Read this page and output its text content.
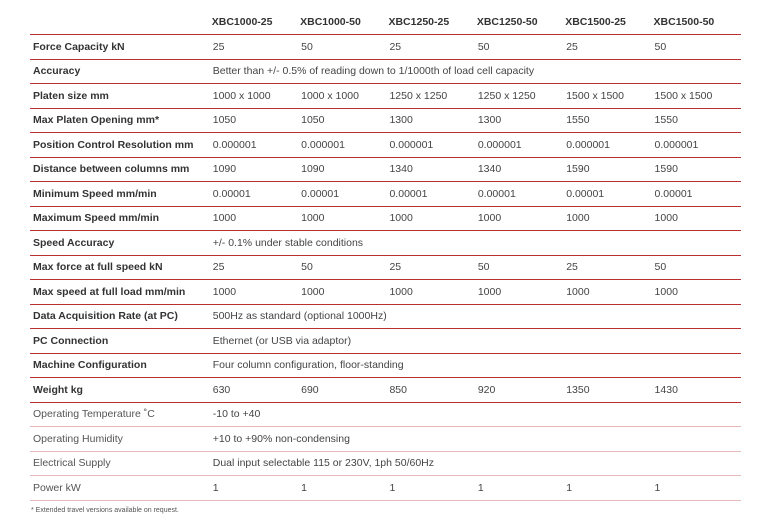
	XBC1000-25	XBC1000-50	XBC1250-25	XBC1250-50	XBC1500-25	XBC1500-50
Force Capacity kN	25	50	25	50	25	50
Accuracy	Better than +/- 0.5% of reading down to 1/1000th of load cell capacity					
Platen size mm	1000 x 1000	1000 x 1000	1250 x 1250	1250 x 1250	1500 x 1500	1500 x 1500
Max Platen Opening mm*	1050	1050	1300	1300	1550	1550
Position Control Resolution mm	0.000001	0.000001	0.000001	0.000001	0.000001	0.000001
Distance between columns mm	1090	1090	1340	1340	1590	1590
Minimum Speed mm/min	0.00001	0.00001	0.00001	0.00001	0.00001	0.00001
Maximum Speed mm/min	1000	1000	1000	1000	1000	1000
Speed Accuracy	+/- 0.1% under stable conditions					
Max force at full speed kN	25	50	25	50	25	50
Max speed at full load mm/min	1000	1000	1000	1000	1000	1000
Data Acquisition Rate (at PC)	500Hz as standard (optional 1000Hz)					
PC Connection	Ethernet (or USB via adaptor)					
Machine Configuration	Four column configuration, floor-standing					
Weight kg	630	690	850	920	1350	1430
Operating Temperature ˚C	-10 to +40					
Operating Humidity	+10 to +90% non-condensing					
Electrical Supply	Dual input selectable 115 or 230V, 1ph 50/60Hz					
Power kW	1	1	1	1	1	1
* Extended travel versions available on request.
